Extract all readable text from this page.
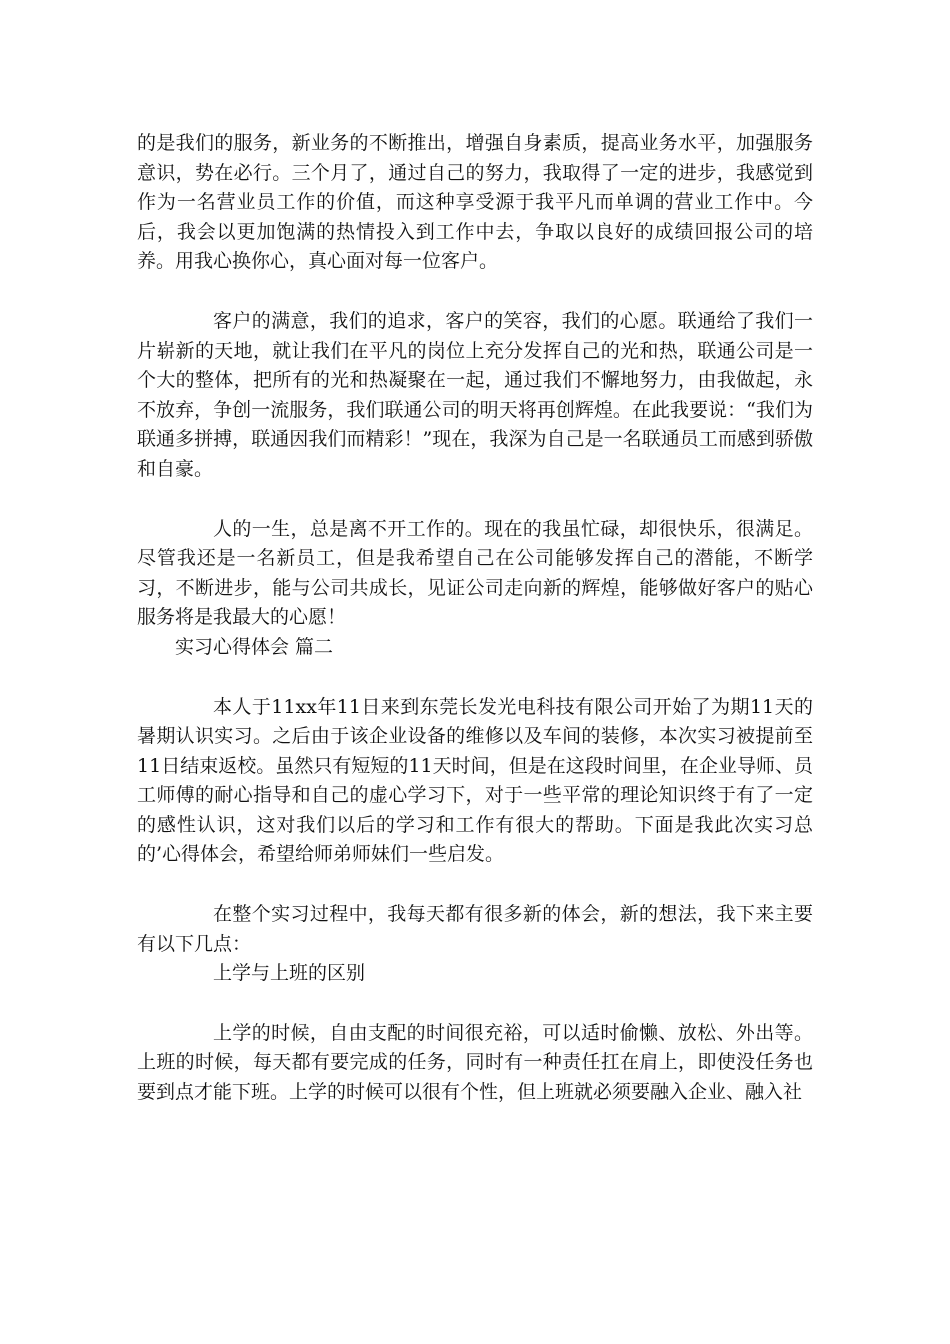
的是我们的服务，新业务的不断推出，增强自身素质，提高业务水平，加强服务意识，势在必行。三个月了，通过自己的努力，我取得了一定的进步，我感觉到作为一名营业员工作的价值，而这种享受源于我平凡而单调的营业工作中。今后，我会以更加饱满的热情投入到工作中去，争取以良好的成绩回报公司的培养。用我心换你心，真心面对每一位客户。

客户的满意，我们的追求，客户的笑容，我们的心愿。联通给了我们一片崭新的天地，就让我们在平凡的岗位上充分发挥自己的光和热，联通公司是一个大的整体，把所有的光和热凝聚在一起，通过我们不懈地努力，由我做起，永不放弃，争创一流服务，我们联通公司的明天将再创辉煌。在此我要说：“我们为联通多拼搏，联通因我们而精彩！”现在，我深为自己是一名联通员工而感到骄傲和自豪。

人的一生，总是离不开工作的。现在的我虽忙碌，却很快乐，很满足。尽管我还是一名新员工，但是我希望自己在公司能够发挥自己的潜能，不断学习，不断进步，能与公司共成长，见证公司走向新的辉煌，能够做好客户的贴心服务将是我最大的心愿！

实习心得体会 篇二

本人于11xx年11日来到东莞长发光电科技有限公司开始了为期11天的暑期认识实习。之后由于该企业设备的维修以及车间的装修，本次实习被提前至11日结束返校。虽然只有短短的11天时间，但是在这段时间里，在企业导师、员工师傅的耐心指导和自己的虚心学习下，对于一些平常的理论知识终于有了一定的感性认识，这对我们以后的学习和工作有很大的帮助。下面是我此次实习总的’心得体会，希望给师弟师妹们一些启发。

在整个实习过程中，我每天都有很多新的体会，新的想法，我下来主要有以下几点：

上学与上班的区别

上学的时候，自由支配的时间很充裕，可以适时偷懒、放松、外出等。上班的时候，每天都有要完成的任务，同时有一种责任扛在肩上，即使没任务也要到点才能下班。上学的时候可以很有个性，但上班就必须要融入企业、融入社
